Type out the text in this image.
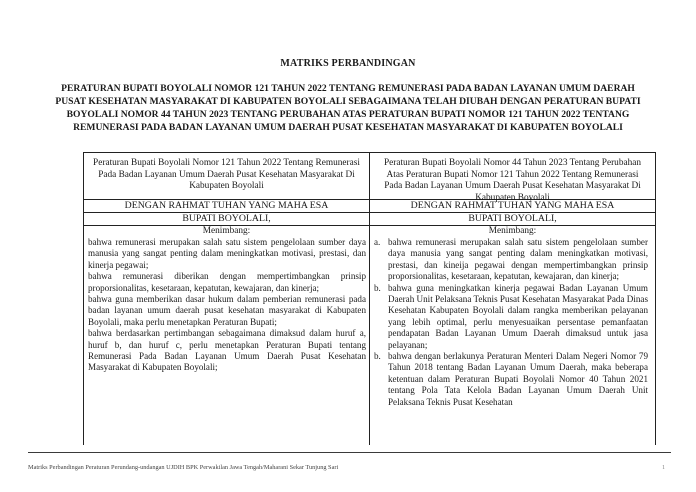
MATRIKS PERBANDINGAN
PERATURAN BUPATI BOYOLALI NOMOR 121 TAHUN 2022 TENTANG REMUNERASI PADA BADAN LAYANAN UMUM DAERAH PUSAT KESEHATAN MASYARAKAT DI KABUPATEN BOYOLALI SEBAGAIMANA TELAH DIUBAH DENGAN PERATURAN BUPATI BOYOLALI NOMOR 44 TAHUN 2023 TENTANG PERUBAHAN ATAS PERATURAN BUPATI NOMOR 121 TAHUN 2022 TENTANG REMUNERASI PADA BADAN LAYANAN UMUM DAERAH PUSAT KESEHATAN MASYARAKAT DI KABUPATEN BOYOLALI
Peraturan Bupati Boyolali Nomor 121 Tahun 2022 Tentang Remunerasi Pada Badan Layanan Umum Daerah Pusat Kesehatan Masyarakat Di Kabupaten Boyolali
DENGAN RAHMAT TUHAN YANG MAHA ESA
BUPATI BOYOLALI,
Menimbang:

bahwa remunerasi merupakan salah satu sistem pengelolaan sumber daya manusia yang sangat penting dalam meningkatkan motivasi, prestasi, dan kinerja pegawai;

bahwa remunerasi diberikan dengan mempertimbangkan prinsip proporsionalitas, kesetaraan, kepatutan, kewajaran, dan kinerja;

bahwa guna memberikan dasar hukum dalam pemberian remunerasi pada badan layanan umum daerah pusat kesehatan masyarakat di Kabupaten Boyolali, maka perlu menetapkan Peraturan Bupati;

bahwa berdasarkan pertimbangan sebagaimana dimaksud dalam huruf a, huruf b, dan huruf c, perlu menetapkan Peraturan Bupati tentang Remunerasi Pada Badan Layanan Umum Daerah Pusat Kesehatan Masyarakat di Kabupaten Boyolali;

Peraturan Bupati Boyolali Nomor 44 Tahun 2023 Tentang Perubahan Atas Peraturan Bupati Nomor 121 Tahun 2022 Tentang Remunerasi Pada Badan Layanan Umum Daerah Pusat Kesehatan Masyarakat Di Kabupaten Boyolali
DENGAN RAHMAT TUHAN YANG MAHA ESA
BUPATI BOYOLALI,
Menimbang:
a. bahwa remunerasi merupakan salah satu sistem pengelolaan sumber daya manusia yang sangat penting dalam meningkatkan motivasi, prestasi, dan kineija pegawai dengan mempertimbangkan prinsip proporsionalitas, kesetaraan, kepatutan, kewajaran, dan kinerja;
b. bahwa guna meningkatkan kinerja pegawai Badan Layanan Umum Daerah Unit Pelaksana Teknis Pusat Kesehatan Masyarakat Pada Dinas Kesehatan Kabupaten Boyolali dalam rangka memberikan pelayanan yang lebih optimal, perlu menyesuaikan persentase pemanfaatan pendapatan Badan Layanan Umum Daerah dimaksud untuk jasa pelayanan;
b. bahwa dengan berlakunya Peraturan Menteri Dalam Negeri Nomor 79 Tahun 2018 tentang Badan Layanan Umum Daerah, maka beberapa ketentuan dalam Peraturan Bupati Boyolali Nomor 40 Tahun 2021 tentang Pola Tata Kelola Badan Layanan Umum Daerah Unit Pelaksana Teknis Pusat Kesehatan
Matriks Perbandingan Peraturan Perundang-undangan UJDIH BPK Perwakilan Jawa Tengah/Maharani Sekar Tunjung Sari	1
